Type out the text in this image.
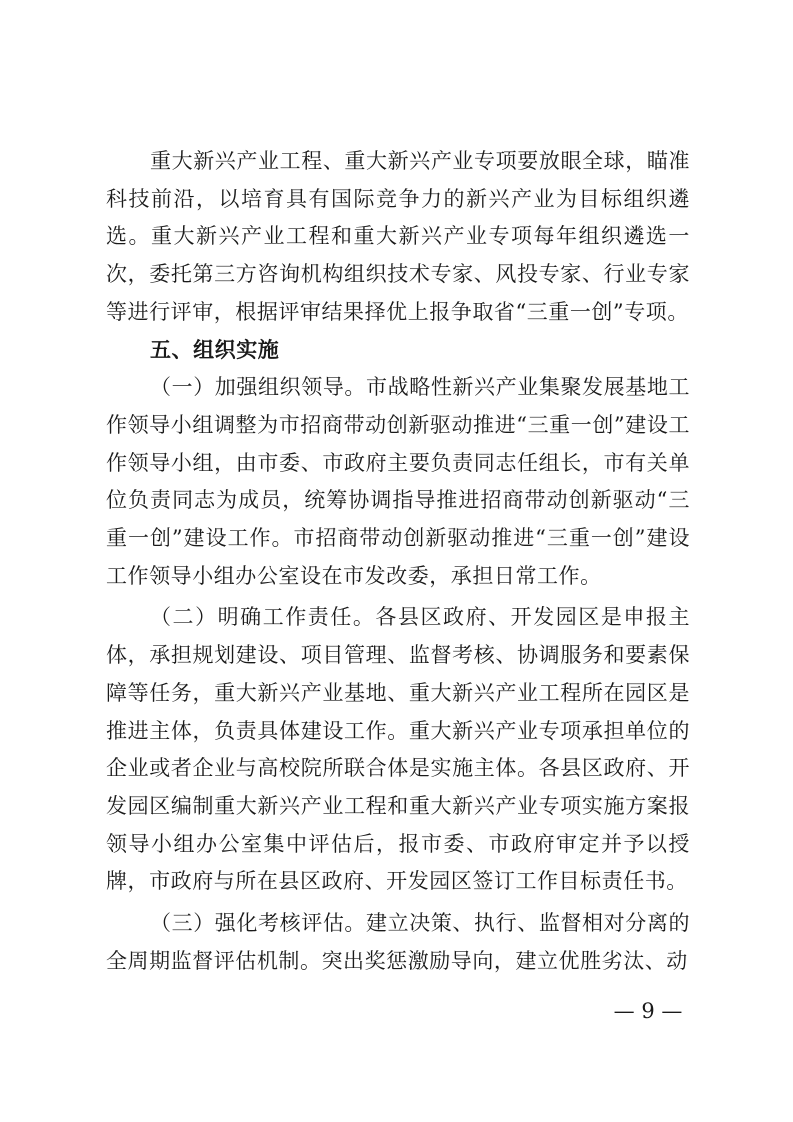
重大新兴产业工程、重大新兴产业专项要放眼全球，瞄准科技前沿，以培育具有国际竞争力的新兴产业为目标组织遴选。重大新兴产业工程和重大新兴产业专项每年组织遴选一次，委托第三方咨询机构组织技术专家、风投专家、行业专家等进行评审，根据评审结果择优上报争取省“三重一创”专项。

五、组织实施

（一）加强组织领导。市战略性新兴产业集聚发展基地工作领导小组调整为市招商带动创新驱动推进“三重一创”建设工作领导小组，由市委、市政府主要负责同志任组长，市有关单位负责同志为成员，统筹协调指导推进招商带动创新驱动“三重一创”建设工作。市招商带动创新驱动推进“三重一创”建设工作领导小组办公室设在市发改委，承担日常工作。

（二）明确工作责任。各县区政府、开发园区是申报主体，承担规划建设、项目管理、监督考核、协调服务和要素保障等任务，重大新兴产业基地、重大新兴产业工程所在园区是推进主体，负责具体建设工作。重大新兴产业专项承担单位的企业或者企业与高校院所联合体是实施主体。各县区政府、开发园区编制重大新兴产业工程和重大新兴产业专项实施方案报领导小组办公室集中评估后，报市委、市政府审定并予以授牌，市政府与所在县区政府、开发园区签订工作目标责任书。

（三）强化考核评估。建立决策、执行、监督相对分离的全周期监督评估机制。突出奖惩激励导向，建立优胜劣汰、动

— 9 —
